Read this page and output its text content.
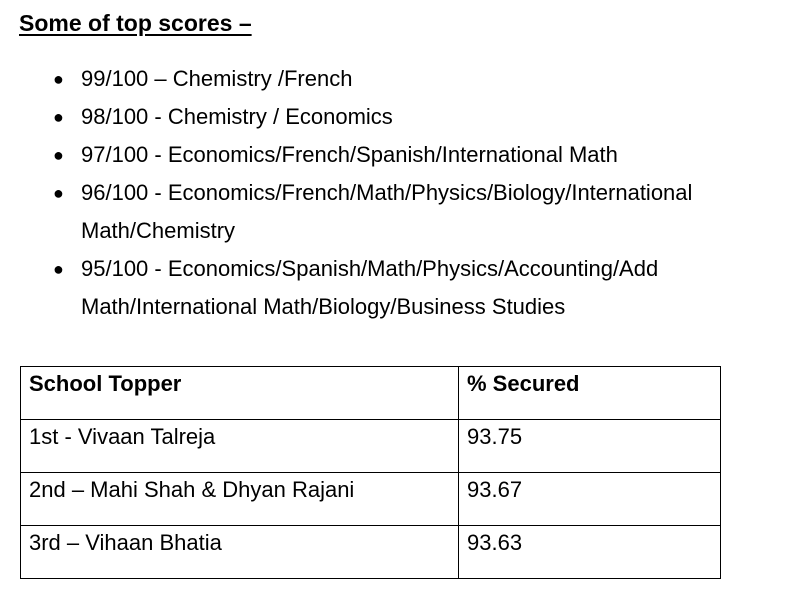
Some of top scores –
● 99/100 – Chemistry /French
● 98/100 - Chemistry / Economics
● 97/100 - Economics/French/Spanish/International Math
● 96/100 - Economics/French/Math/Physics/Biology/International
Math/Chemistry
● 95/100 - Economics/Spanish/Math/Physics/Accounting/Add
Math/International Math/Biology/Business Studies
School Topper	% Secured
1st - Vivaan Talreja	93.75
2nd – Mahi Shah & Dhyan Rajani	93.67
3rd – Vihaan Bhatia	93.63
